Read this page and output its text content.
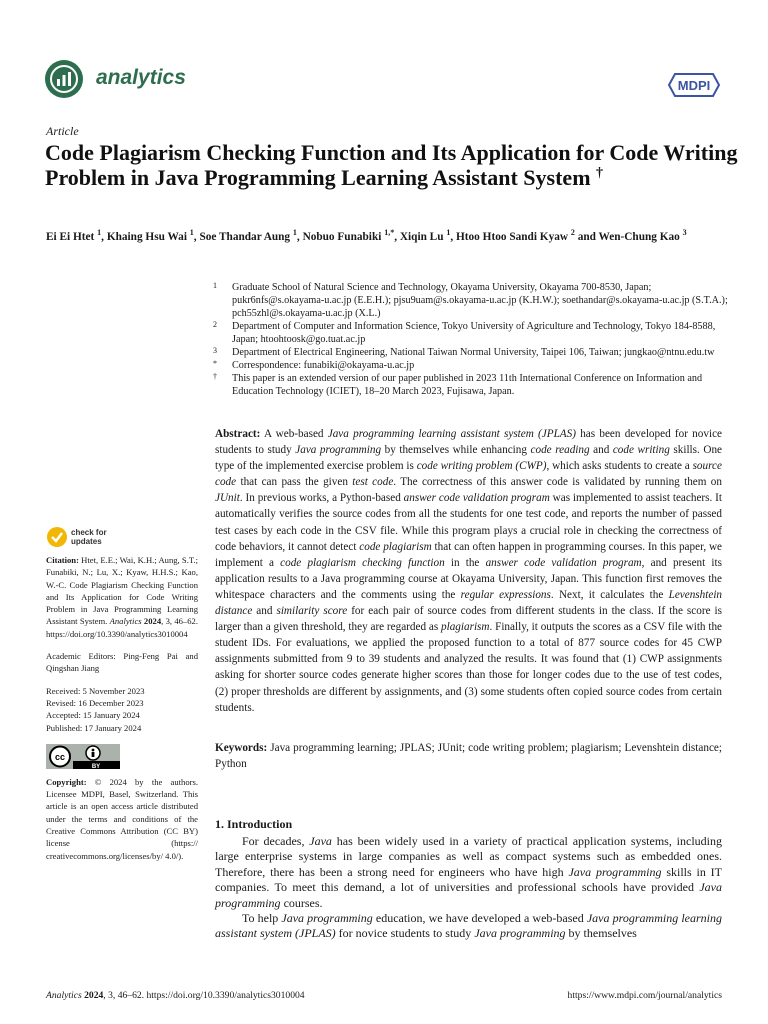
analytics	MDPI
Article
Code Plagiarism Checking Function and Its Application for Code Writing Problem in Java Programming Learning Assistant System †
Ei Ei Htet $^1$, Khaing Hsu Wai $^1$, Soe Thandar Aung $^1$, Nobuo Funabiki $^{1,*}$, Xiqin Lu $^1$, Htoo Htoo Sandi Kyaw $^2$ and Wen-Chung Kao $^3$
1 Graduate School of Natural Science and Technology, Okayama University, Okayama 700-8530, Japan; pukr6nfs@s.okayama-u.ac.jp (E.E.H.); pjsu9uam@s.okayama-u.ac.jp (K.H.W.); soethandar@s.okayama-u.ac.jp (S.T.A.); pch55zhl@s.okayama-u.ac.jp (X.L.)
2 Department of Computer and Information Science, Tokyo University of Agriculture and Technology, Tokyo 184-8588, Japan; htoohtoosk@go.tuat.ac.jp
3 Department of Electrical Engineering, National Taiwan Normal University, Taipei 106, Taiwan; jungkao@ntnu.edu.tw
* Correspondence: funabiki@okayama-u.ac.jp
† This paper is an extended version of our paper published in 2023 11th International Conference on Information and Education Technology (ICIET), 18–20 March 2023, Fujisawa, Japan.
check for
updates
Citation: Htet, E.E.; Wai, K.H.; Aung, S.T.; Funabiki, N.; Lu, X.; Kyaw, H.H.S.; Kao, W.-C. Code Plagiarism Checking Function and Its Application for Code Writing Problem in Java Programming Learning Assistant System. Analytics 2024, 3, 46–62. https://doi.org/10.3390/analytics3010004
Academic Editors: Ping-Feng Pai and Qingshan Jiang
Received: 5 November 2023
Revised: 16 December 2023
Accepted: 15 January 2024
Published: 17 January 2024
cc
BY
Copyright: © 2024 by the authors. Licensee MDPI, Basel, Switzerland. This article is an open access article distributed under the terms and conditions of the Creative Commons Attribution (CC BY) license (https:// creativecommons.org/licenses/by/ 4.0/).
Abstract: A web-based Java programming learning assistant system (JPLAS) has been developed for novice students to study Java programming by themselves while enhancing code reading and code writing skills. One type of the implemented exercise problem is code writing problem (CWP), which asks students to create a source code that can pass the given test code. The correctness of this answer code is validated by running them on JUnit. In previous works, a Python-based answer code validation program was implemented to assist teachers. It automatically verifies the source codes from all the students for one test code, and reports the number of passed test cases by each code in the CSV file. While this program plays a crucial role in checking the correctness of code behaviors, it cannot detect code plagiarism that can often happen in programming courses. In this paper, we implement a code plagiarism checking function in the answer code validation program, and present its application results to a Java programming course at Okayama University, Japan. This function first removes the whitespace characters and the comments using the regular expressions. Next, it calculates the Levenshtein distance and similarity score for each pair of source codes from different students in the class. If the score is larger than a given threshold, they are regarded as plagiarism. Finally, it outputs the scores as a CSV file with the student IDs. For evaluations, we applied the proposed function to a total of 877 source codes for 45 CWP assignments submitted from 9 to 39 students and analyzed the results. It was found that (1) CWP assignments asking for shorter source codes generate higher scores than those for longer codes due to the use of test codes, (2) proper thresholds are different by assignments, and (3) some students often copied source codes from certain students.
Keywords: Java programming learning; JPLAS; JUnit; code writing problem; plagiarism; Levenshtein distance; Python
1. Introduction

For decades, Java has been widely used in a variety of practical application systems, including large enterprise systems in large companies as well as compact systems such as embedded ones. Therefore, there has been a strong need for engineers who have high Java programming skills in IT companies. To meet this demand, a lot of universities and professional schools have provided Java programming courses.

To help Java programming education, we have developed a web-based Java programming learning assistant system (JPLAS) for novice students to study Java programming by themselves

Analytics 2024, 3, 46–62. https://doi.org/10.3390/analytics3010004	https://www.mdpi.com/journal/analytics
